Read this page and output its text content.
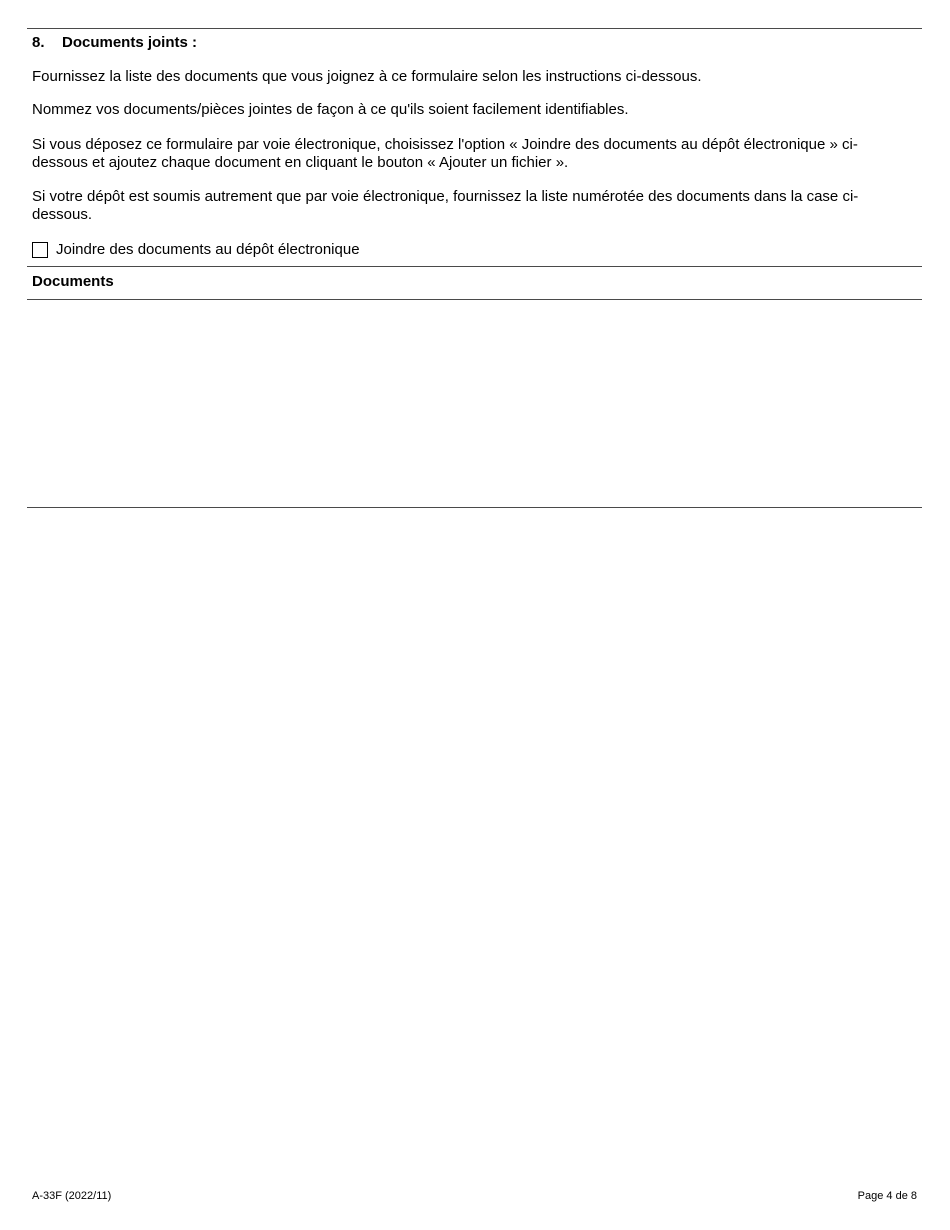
8. Documents joints :
Fournissez la liste des documents que vous joignez à ce formulaire selon les instructions ci-dessous.
Nommez vos documents/pièces jointes de façon à ce qu'ils soient facilement identifiables.
Si vous déposez ce formulaire par voie électronique, choisissez l'option « Joindre des documents au dépôt électronique » ci-dessous et ajoutez chaque document en cliquant le bouton « Ajouter un fichier ».
Si votre dépôt est soumis autrement que par voie électronique, fournissez la liste numérotée des documents dans la case ci-dessous.
Joindre des documents au dépôt électronique
Documents
A-33F (2022/11)	Page 4 de 8
